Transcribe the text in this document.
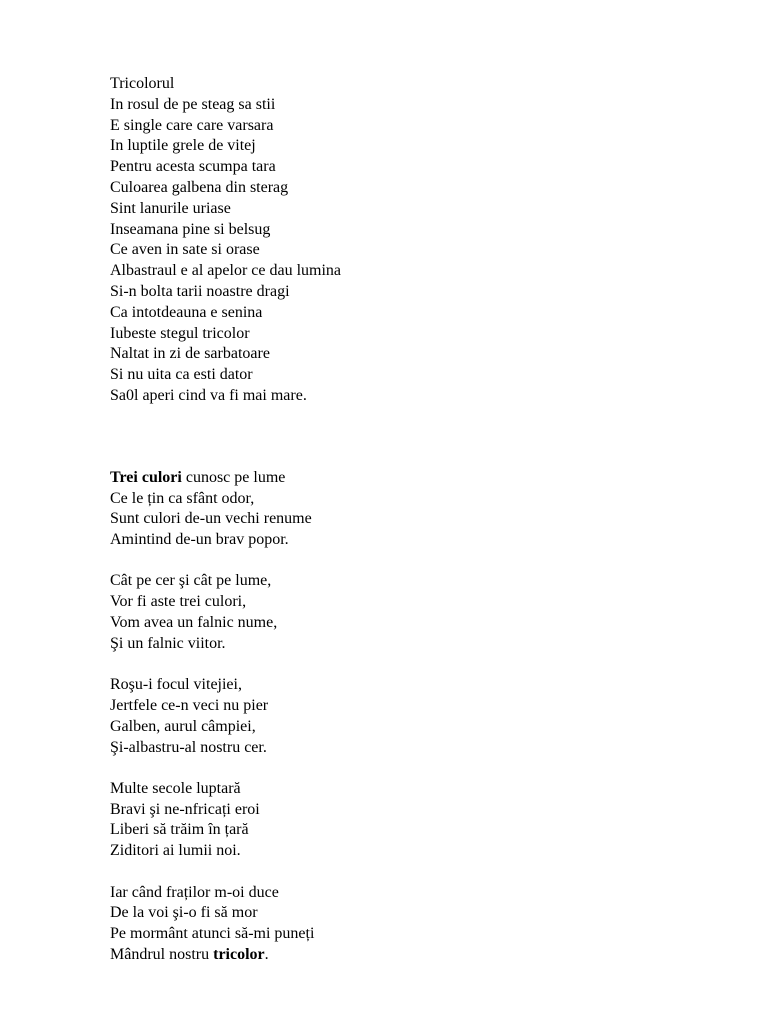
Tricolorul
In rosul de pe steag sa stii
E single care care varsara
In luptile grele de vitej
Pentru acesta scumpa tara
Culoarea galbena din sterag
Sint lanurile uriase
Inseamana pine si belsug
Ce aven in sate si orase
Albastraul e al apelor ce dau lumina
Si-n bolta tarii noastre dragi
Ca intotdeauna e senina
Iubeste stegul tricolor
Naltat in zi de sarbatoare
Si nu uita ca esti dator
Sa0l aperi cind va fi mai mare.
Trei culori cunosc pe lume
Ce le țin ca sfânt odor,
Sunt culori de-un vechi renume
Amintind de-un brav popor.
Cât pe cer şi cât pe lume,
Vor fi aste trei culori,
Vom avea un falnic nume,
Şi un falnic viitor.
Roşu-i focul vitejiei,
Jertfele ce-n veci nu pier
Galben, aurul câmpiei,
Şi-albastru-al nostru cer.
Multe secole luptară
Bravi şi ne-nfricați eroi
Liberi să trăim în țară
Ziditori ai lumii noi.
Iar când fraților m-oi duce
De la voi şi-o fi să mor
Pe mormânt atunci să-mi puneți
Mândrul nostru tricolor.
